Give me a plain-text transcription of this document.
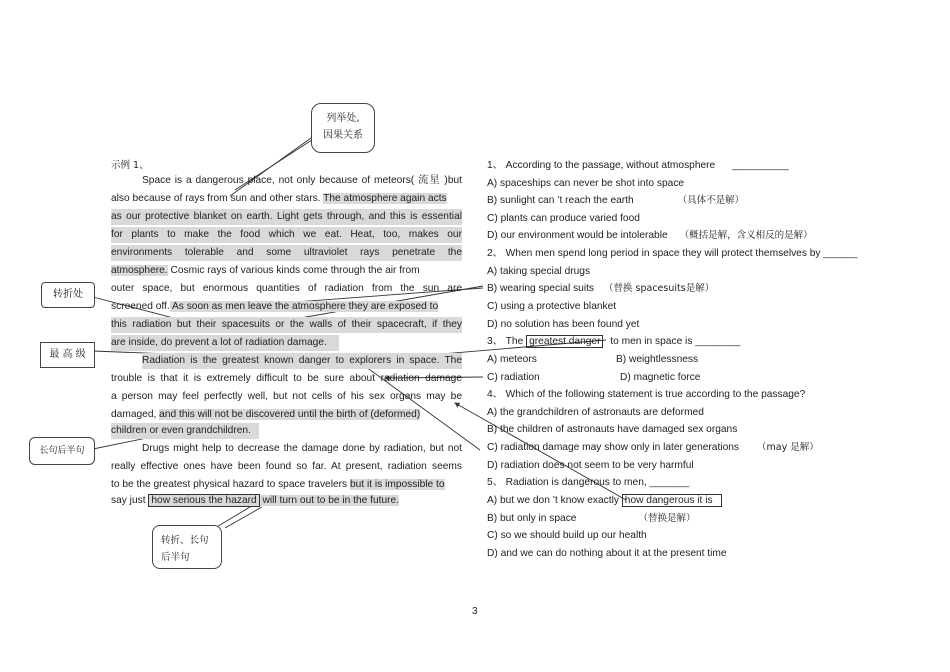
列举处,
因果关系
转折处
最 高 级
长句后半句
转折、长句
后半句
示例 1、
Space is a dangerous place, not only because of meteors( 流星 )but
also because of rays from sun and other stars. The atmosphere again acts
as our protective blanket on earth. Light gets through, and this is essential
for plants to make the food which we eat. Heat, too, makes our
environments tolerable and some ultraviolet rays penetrate the
atmosphere. Cosmic rays of various kinds come through the air from
outer space, but enormous quantities of radiation from the sun are
screened off. As soon as men leave the atmosphere they are exposed to
this radiation but their spacesuits or the walls of their spacecraft, if they
are inside, do prevent a lot of radiation damage.
Radiation is the greatest known danger to explorers in space. The
trouble is that it is extremely difficult to be sure about radiation damage
a person may feel perfectly well, but not cells of his sex organs may be
damaged, and this will not be discovered until the birth of (deformed)
children or even grandchildren.
Drugs might help to decrease the damage done by radiation, but not
really effective ones have been found so far. At present, radiation seems
to be the greatest physical hazard to space travelers but it is impossible to
say just how serious the hazard will turn out to be in the future.
1、 According to the passage, without atmosphere __________
A) spaceships can never be shot into space
B) sunlight can ’t reach the earth	（具体不是解）
C) plants can produce varied food
D) our environment would be intolerable （概括是解，含义相反的是解）
2、 When men spend long period in space they will protect themselves by ______
A) taking special drugs
B) wearing special suits （替换 spacesuits是解）
C) using a protective blanket
D) no solution has been found yet
3、 The greatest danger to men in space is ________
A) meteors	B) weightlessness
C) radiation	D) magnetic force
4、 Which of the following statement is true according to the passage?
A) the grandchildren of astronauts are deformed
B) the children of astronauts have damaged sex organs
C) radiation damage may show only in later generations （may 是解）
D) radiation does not seem to be very harmful
5、 Radiation is dangerous to men, _______
A) but we don ’t know exactly how dangerous it is
B) but only in space	（替换是解）
C) so we should build up our health
D) and we can do nothing about it at the present time
3
